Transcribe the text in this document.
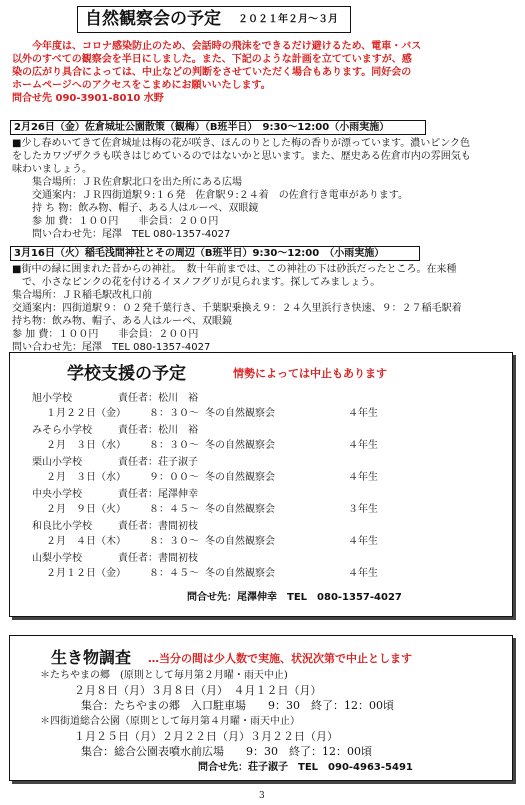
自然観察会の予定 ２０２１年２月〜３月
今年度は、コロナ感染防止のため、会話時の飛沫をできるだけ避けるため、電車・バス
以外のすべての観察会を半日にしました。また、下記のような計画を立てていますが、感
染の広がり具合によっては、中止などの判断をさせていただく場合もあります。同好会の
ホームページへのアクセスをこまめにお願いいたします。
問合せ先 090-3901-8010 水野
2月26日（金）佐倉城址公園散策（観梅）（B班半日）　9:30〜12:00（小雨実施）
■少し春めいてきて佐倉城址は梅の花が咲き、ほんのりとした梅の香りが漂っています。濃いピンク色
をしたカワヅザクラも咲きはじめているのではないかと思います。また、歴史ある佐倉市内の雰囲気も
味わいましょう。
集合場所：ＪＲ佐倉駅北口を出た所にある広場
交通案内：ＪＲ四街道駅９:１６発　佐倉駅９:２４着　の佐倉行き電車があります。
持 ち 物：飲み物、帽子、ある人はルーペ、双眼鏡
参 加 費：１００円　　非会員：２００円
問い合わせ先：尾澤　TEL 080-1357-4027
3月16日（火）稲毛浅間神社とその周辺（B班半日）9:30〜12:00　（小雨実施）
■街中の緑に囲まれた昔からの神社。　数十年前までは、この神社の下は砂浜だったところ。在来種
　で、小さなピンクの花を付けるイヌノフグリが見られます。探してみましょう。
集合場所：ＪＲ稲毛駅改札口前
交通案内：四街道駅９：０２発千葉行き、千葉駅乗換え９：２４久里浜行き快速、９：２７稲毛駅着
持ち物：飲み物、帽子、ある人はルーペ、双眼鏡
参 加 費：１００円　　非会員：２００円
問い合わせ先：尾澤　TEL 080-1357-4027
学校支援の予定	情勢によっては中止もあります
旭小学校	責任者：松川　裕
１月２２日（金） ８：３０〜 冬の自然観察会	４年生
みそら小学校	責任者：松川　裕
２月　３日（水） ８：３０〜 冬の自然観察会	４年生
栗山小学校	責任者：荘子淑子
２月　３日（水） ９：００〜 冬の自然観察会	４年生
中央小学校	責任者：尾澤伸幸
２月　９日（火） ８：４５〜 冬の自然観察会	３年生
和良比小学校	責任者：書間初枝
２月　４日（木） ８：３０〜 冬の自然観察会	４年生
山梨小学校	責任者：書間初枝
２月１２日（金） ８：４５〜 冬の自然観察会	４年生
問合せ先：尾澤伸幸　TEL　080-1357-4027
生き物調査 …当分の間は少人数で実施、状況次第で中止とします
＊たちやまの郷　(原則として毎月第２月曜・雨天中止)
２月８日（月）３月８日（月）　４月１２日（月）
集合：たちやまの郷　入口駐車場　　9：30　終了：12：00頃
＊四街道総合公園（原則として毎月第４月曜・雨天中止）
１月２５日（月）２月２２日（月）３月２２日（月）
集合：総合公園表噴水前広場　　9：30　終了：12：00頃
問合せ先：荘子淑子　TEL　090-4963-5491
3
